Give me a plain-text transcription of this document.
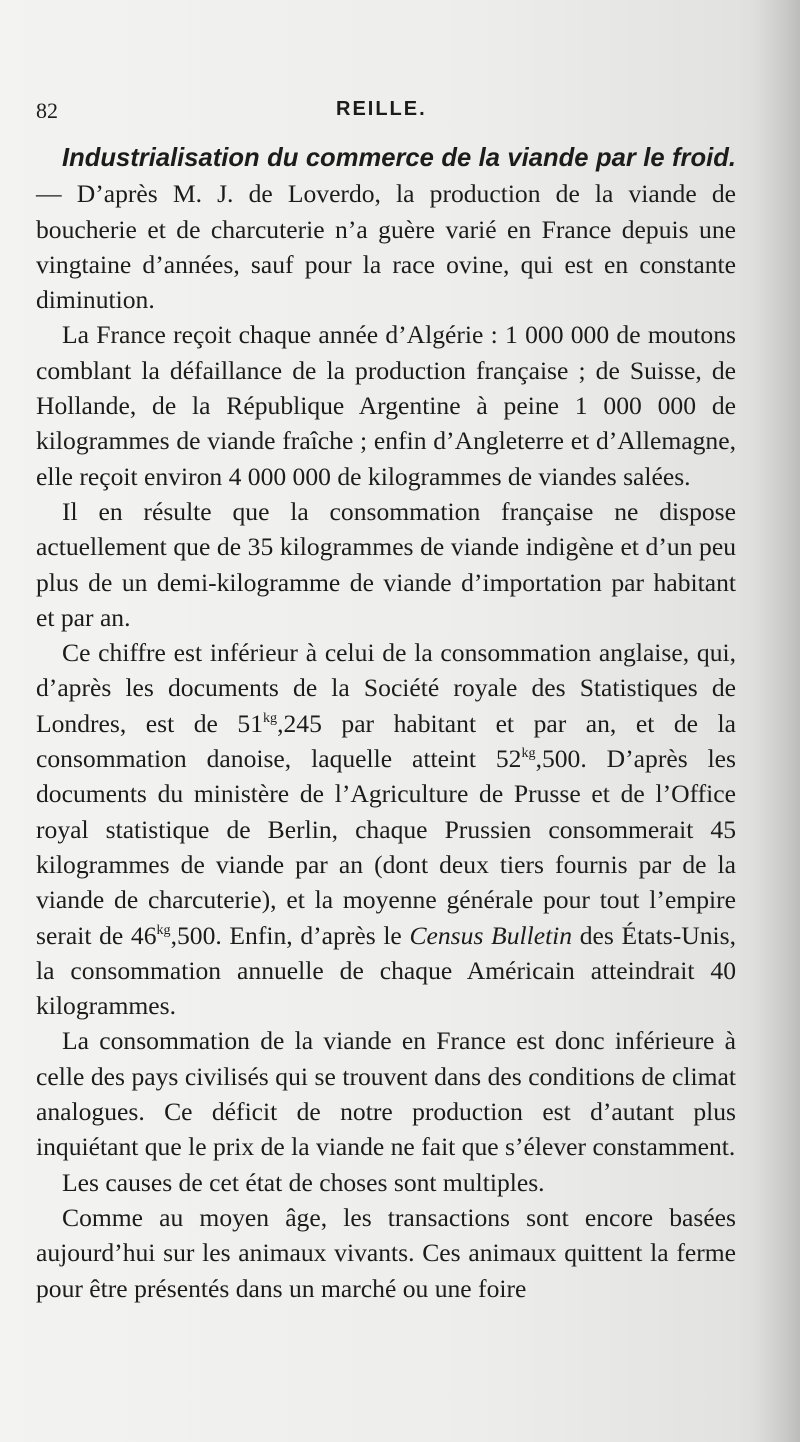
82	REILLE.

Industrialisation du commerce de la viande par le froid. — D’après M. J. de Loverdo, la production de la viande de boucherie et de charcuterie n’a guère varié en France depuis une vingtaine d’années, sauf pour la race ovine, qui est en constante diminution.

La France reçoit chaque année d’Algérie : 1 000 000 de moutons comblant la défaillance de la production française ; de Suisse, de Hollande, de la République Argentine à peine 1 000 000 de kilogrammes de viande fraîche ; enfin d’Angleterre et d’Allemagne, elle reçoit environ 4 000 000 de kilogrammes de viandes salées.

Il en résulte que la consommation française ne dispose actuellement que de 35 kilogrammes de viande indigène et d’un peu plus de un demi-kilogramme de viande d’importation par habitant et par an.

Ce chiffre est inférieur à celui de la consommation anglaise, qui, d’après les documents de la Société royale des Statistiques de Londres, est de $51^{kg},245$ par habitant et par an, et de la consommation danoise, laquelle atteint $52^{kg},500$. D’après les documents du ministère de l’Agriculture de Prusse et de l’Office royal statistique de Berlin, chaque Prussien consommerait 45 kilogrammes de viande par an (dont deux tiers fournis par de la viande de charcuterie), et la moyenne générale pour tout l’empire serait de $46^{kg},500$. Enfin, d’après le Census Bulletin des États-Unis, la consommation annuelle de chaque Américain atteindrait 40 kilogrammes.

La consommation de la viande en France est donc inférieure à celle des pays civilisés qui se trouvent dans des conditions de climat analogues. Ce déficit de notre production est d’autant plus inquiétant que le prix de la viande ne fait que s’élever constamment.

Les causes de cet état de choses sont multiples.

Comme au moyen âge, les transactions sont encore basées aujourd’hui sur les animaux vivants. Ces animaux quittent la ferme pour être présentés dans un marché ou une foire
